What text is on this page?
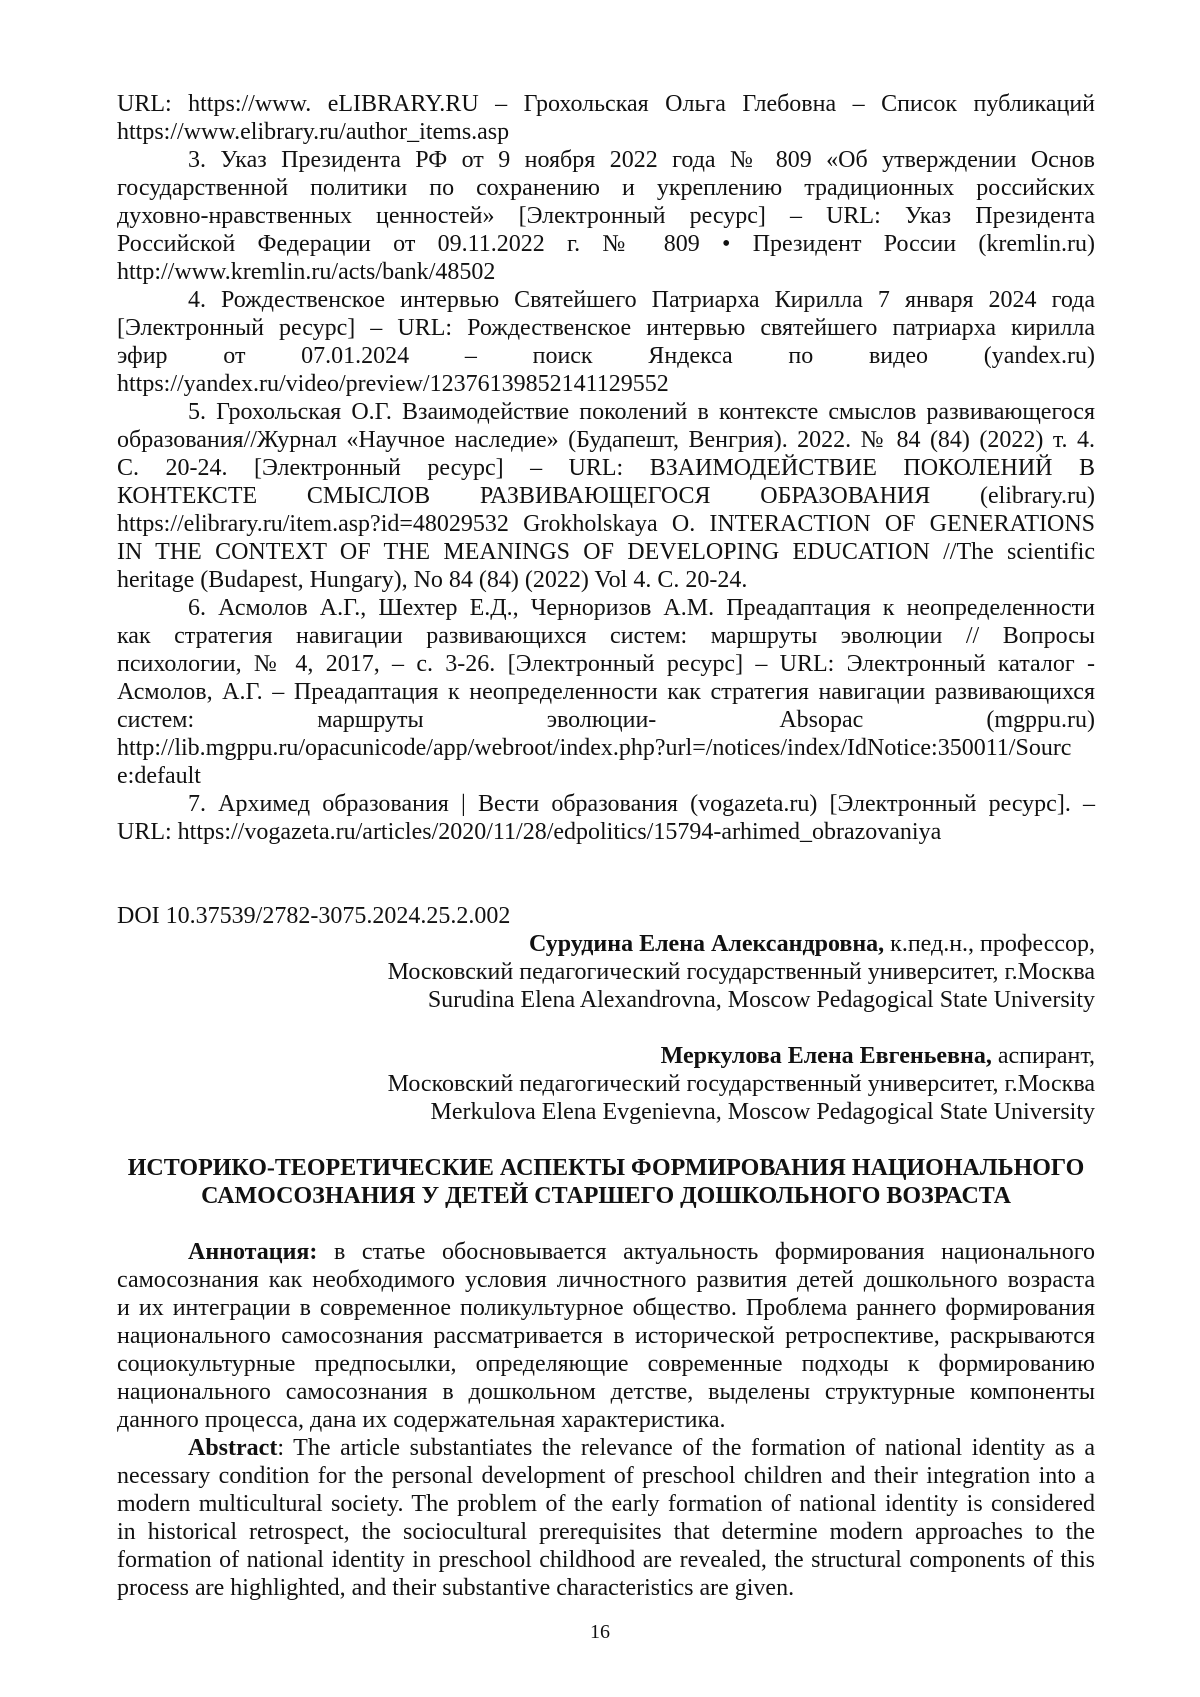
URL: https://www. eLIBRARY.RU – Грохольская Ольга Глебовна – Список публикаций
https://www.elibrary.ru/author_items.asp
3. Указ Президента РФ от 9 ноября 2022 года № 809 «Об утверждении Основ
государственной политики по сохранению и укреплению традиционных российских
духовно-нравственных ценностей» [Электронный ресурс] – URL: Указ Президента
Российской Федерации от 09.11.2022 г. № 809 • Президент России (kremlin.ru)
http://www.kremlin.ru/acts/bank/48502
4. Рождественское интервью Святейшего Патриарха Кирилла 7 января 2024 года
[Электронный ресурс] – URL: Рождественское интервью святейшего патриарха кирилла
эфир от 07.01.2024 – поиск Яндекса по видео (yandex.ru)
https://yandex.ru/video/preview/12376139852141129552
5. Грохольская О.Г. Взаимодействие поколений в контексте смыслов развивающегося
образования//Журнал «Научное наследие» (Будапешт, Венгрия). 2022. № 84 (84) (2022) т. 4.
С. 20-24. [Электронный ресурс] – URL: ВЗАИМОДЕЙСТВИЕ ПОКОЛЕНИЙ В
КОНТЕКСТЕ СМЫСЛОВ РАЗВИВАЮЩЕГОСЯ ОБРАЗОВАНИЯ (elibrary.ru)
https://elibrary.ru/item.asp?id=48029532 Grokholskaya O. INTERACTION OF GENERATIONS
IN THE CONTEXT OF THE MEANINGS OF DEVELOPING EDUCATION //The scientific
heritage (Budapest, Hungary), No 84 (84) (2022) Vol 4. C. 20-24.
6. Асмолов А.Г., Шехтер Е.Д., Черноризов А.М. Преадаптация к неопределенности
как стратегия навигации развивающихся систем: маршруты эволюции // Вопросы
психологии, № 4, 2017, – с. 3-26. [Электронный ресурс] – URL: Электронный каталог -
Асмолов, А.Г. – Преадаптация к неопределенности как стратегия навигации развивающихся
систем: маршруты эволюции- Absopac (mgppu.ru)
http://lib.mgppu.ru/opacunicode/app/webroot/index.php?url=/notices/index/IdNotice:350011/Sourc
e:default
7. Архимед образования | Вести образования (vogazeta.ru) [Электронный ресурс]. –
URL: https://vogazeta.ru/articles/2020/11/28/edpolitics/15794-arhimed_obrazovaniya
DOI 10.37539/2782-3075.2024.25.2.002
Сурудина Елена Александровна, к.пед.н., профессор,
Московский педагогический государственный университет, г.Москва
Surudina Elena Alexandrovna, Moscow Pedagogical State University
Меркулова Елена Евгеньевна, аспирант,
Московский педагогический государственный университет, г.Москва
Merkulova Elena Evgenievna, Moscow Pedagogical State University
ИСТОРИКО-ТЕОРЕТИЧЕСКИЕ АСПЕКТЫ ФОРМИРОВАНИЯ НАЦИОНАЛЬНОГО
САМОСОЗНАНИЯ У ДЕТЕЙ СТАРШЕГО ДОШКОЛЬНОГО ВОЗРАСТА
Аннотация: в статье обосновывается актуальность формирования национального
самосознания как необходимого условия личностного развития детей дошкольного возраста
и их интеграции в современное поликультурное общество. Проблема раннего формирования
национального самосознания рассматривается в исторической ретроспективе, раскрываются
социокультурные предпосылки, определяющие современные подходы к формированию
национального самосознания в дошкольном детстве, выделены структурные компоненты
данного процесса, дана их содержательная характеристика.
Abstract: The article substantiates the relevance of the formation of national identity as a
necessary condition for the personal development of preschool children and their integration into a
modern multicultural society. The problem of the early formation of national identity is considered
in historical retrospect, the sociocultural prerequisites that determine modern approaches to the
formation of national identity in preschool childhood are revealed, the structural components of this
process are highlighted, and their substantive characteristics are given.
16
